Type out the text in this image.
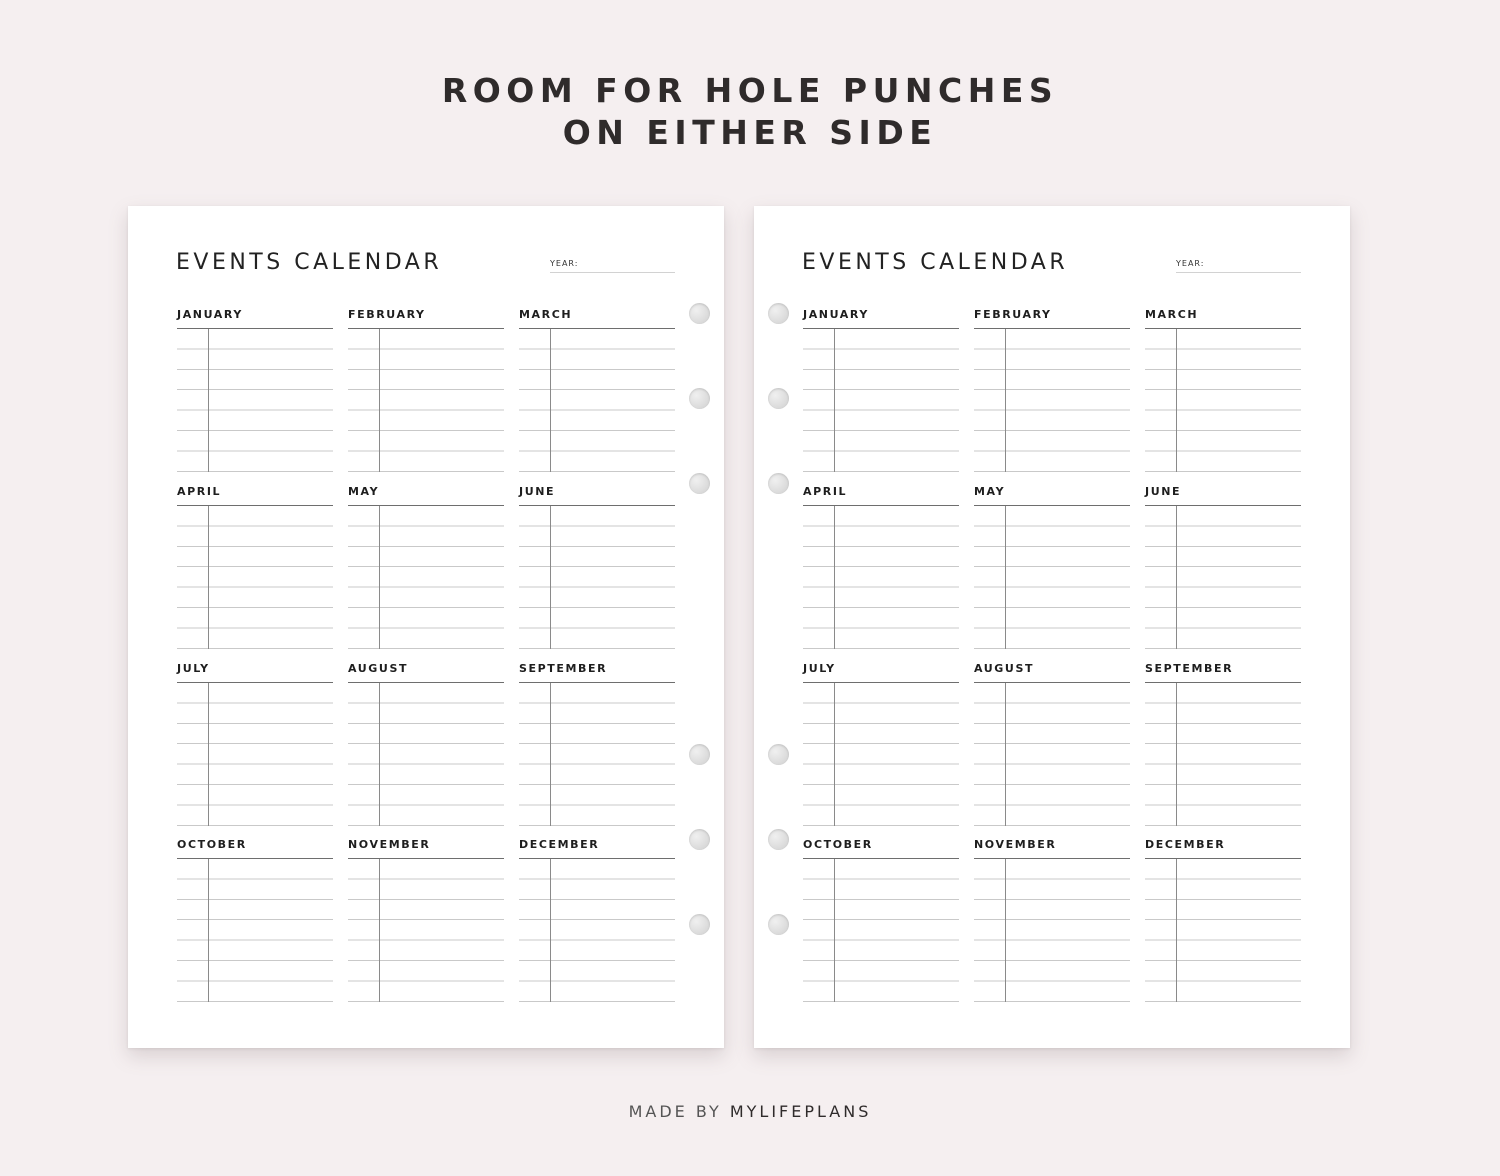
ROOM FOR HOLE PUNCHES
ON EITHER SIDE
EVENTS CALENDAR	YEAR:
JANUARY	FEBRUARY	MARCH
APRIL	MAY	JUNE
JULY	AUGUST	SEPTEMBER
OCTOBER	NOVEMBER	DECEMBER
EVENTS CALENDAR	YEAR:
JANUARY	FEBRUARY	MARCH
APRIL	MAY	JUNE
JULY	AUGUST	SEPTEMBER
OCTOBER	NOVEMBER	DECEMBER
MADE BY MYLIFEPLANS
